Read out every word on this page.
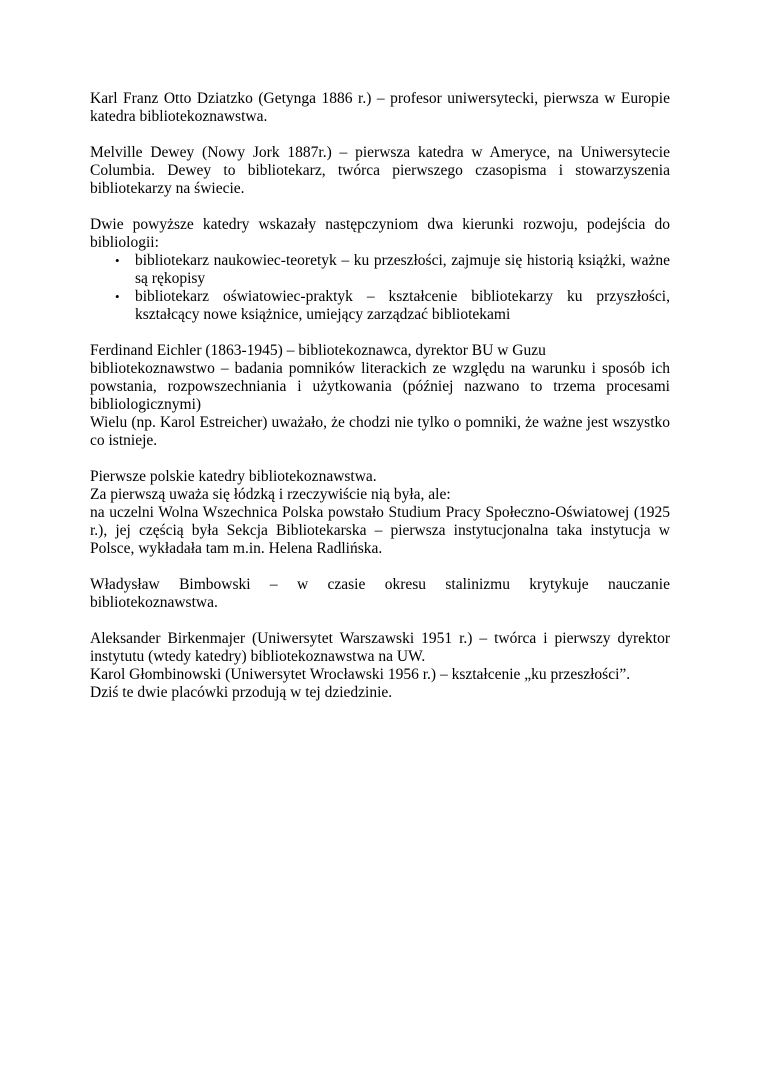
Karl Franz Otto Dziatzko (Getynga 1886 r.) – profesor uniwersytecki, pierwsza w Europie katedra bibliotekoznawstwa.

Melville Dewey (Nowy Jork 1887r.) – pierwsza katedra w Ameryce, na Uniwersytecie Columbia. Dewey to bibliotekarz, twórca pierwszego czasopisma i stowarzyszenia bibliotekarzy na świecie.

Dwie powyższe katedry wskazały następczyniom dwa kierunki rozwoju, podejścia do bibliologii:
• bibliotekarz naukowiec-teoretyk – ku przeszłości, zajmuje się historią książki, ważne są rękopisy
• bibliotekarz oświatowiec-praktyk – kształcenie bibliotekarzy ku przyszłości, kształcący nowe książnice, umiejący zarządzać bibliotekami
Ferdinand Eichler (1863-1945) – bibliotekoznawca, dyrektor BU w Guzu
bibliotekoznawstwo – badania pomników literackich ze względu na warunku i sposób ich powstania, rozpowszechniania i użytkowania (później nazwano to trzema procesami bibliologicznymi)
Wielu (np. Karol Estreicher) uważało, że chodzi nie tylko o pomniki, że ważne jest wszystko co istnieje.
Pierwsze polskie katedry bibliotekoznawstwa.
Za pierwszą uważa się łódzką i rzeczywiście nią była, ale:
na uczelni Wolna Wszechnica Polska powstało Studium Pracy Społeczno-Oświatowej (1925 r.), jej częścią była Sekcja Bibliotekarska – pierwsza instytucjonalna taka instytucja w Polsce, wykładała tam m.in. Helena Radlińska.

Władysław Bimbowski – w czasie okresu stalinizmu krytykuje nauczanie bibliotekoznawstwa.

Aleksander Birkenmajer (Uniwersytet Warszawski 1951 r.) – twórca i pierwszy dyrektor instytutu (wtedy katedry) bibliotekoznawstwa na UW.
Karol Głombinowski (Uniwersytet Wrocławski 1956 r.) – kształcenie „ku przeszłości”.
Dziś te dwie placówki przodują w tej dziedzinie.
